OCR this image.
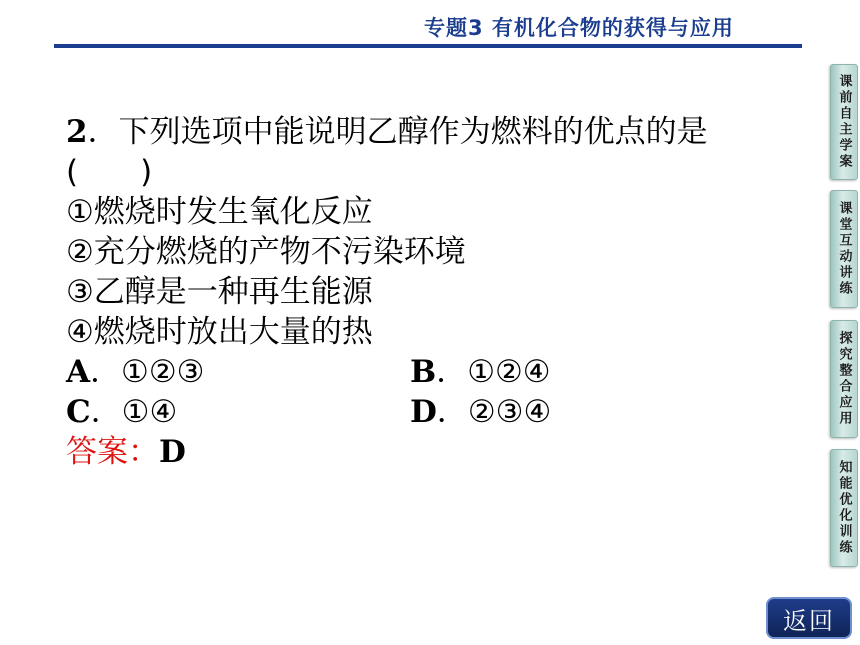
专题3 有机化合物的获得与应用
2．下列选项中能说明乙醇作为燃料的优点的是(　　)
①燃烧时发生氧化反应
②充分燃烧的产物不污染环境
③乙醇是一种再生能源
④燃烧时放出大量的热
A．①②③	B．①②④
C．①④	D．②③④
答案：D
课前自主学案
课堂互动讲练
探究整合应用
知能优化训练
返回
